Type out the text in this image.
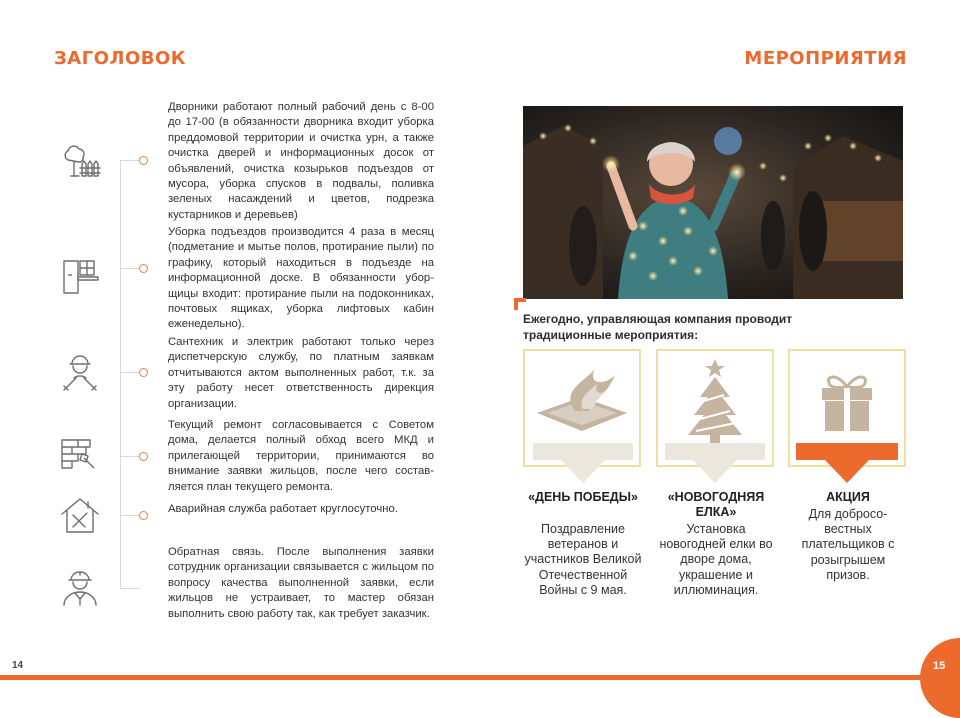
ЗАГОЛОВОК

Дворники работают полный рабочий день с 8-00 до 17-00 (в обязанности дворника входит уборка преддомовой территории и очистка урн, а также очистка дверей и информационных досок от объявлений, очистка козырьков подъездов от мусора, уборка спусков в подвалы, поливка зеленых насаждений и цветов, подрезка кустарников и деревьев)

Уборка подъездов производится 4 раза в месяц (подметание и мытье полов, протирание пыли) по графику, который находиться в подъезде на информационной доске. В обязанности уборщицы входит: протирание пыли на подоконниках, почтовых ящиках, уборка лифтовых кабин еженедельно).

Сантехник и электрик работают только через диспетчерскую службу, по платным заявкам отчитываются актом выполненных работ, т.к. за эту работу несет ответственность дирекция организации.

Текущий ремонт согласовывается с Советом дома, делается полный обход всего МКД и прилегающей территории, принимаются во внимание заявки жильцов, после чего составляется план текущего ремонта.

Аварийная служба работает круглосуточно.

Обратная связь. После выполнения заявки сотрудник организации связывается с жильцом по вопросу качества выполненной заявки, если жильцов не устраивает, то мастер обязан выполнить свою работу так, как требует заказчик.

14
МЕРОПРИЯТИЯ

Ежегодно, управляющая компания проводит традиционные мероприятия:

«ДЕНЬ ПОБЕДЫ»

Поздравление ветеранов и участников Великой Отечественной Войны с 9 мая.

«НОВОГОДНЯЯ ЕЛКА»

Установка новогодней елки во дворе дома, украшение и иллюминация.

АКЦИЯ

Для добросовестных плательщиков с розыгрышем призов.

15
